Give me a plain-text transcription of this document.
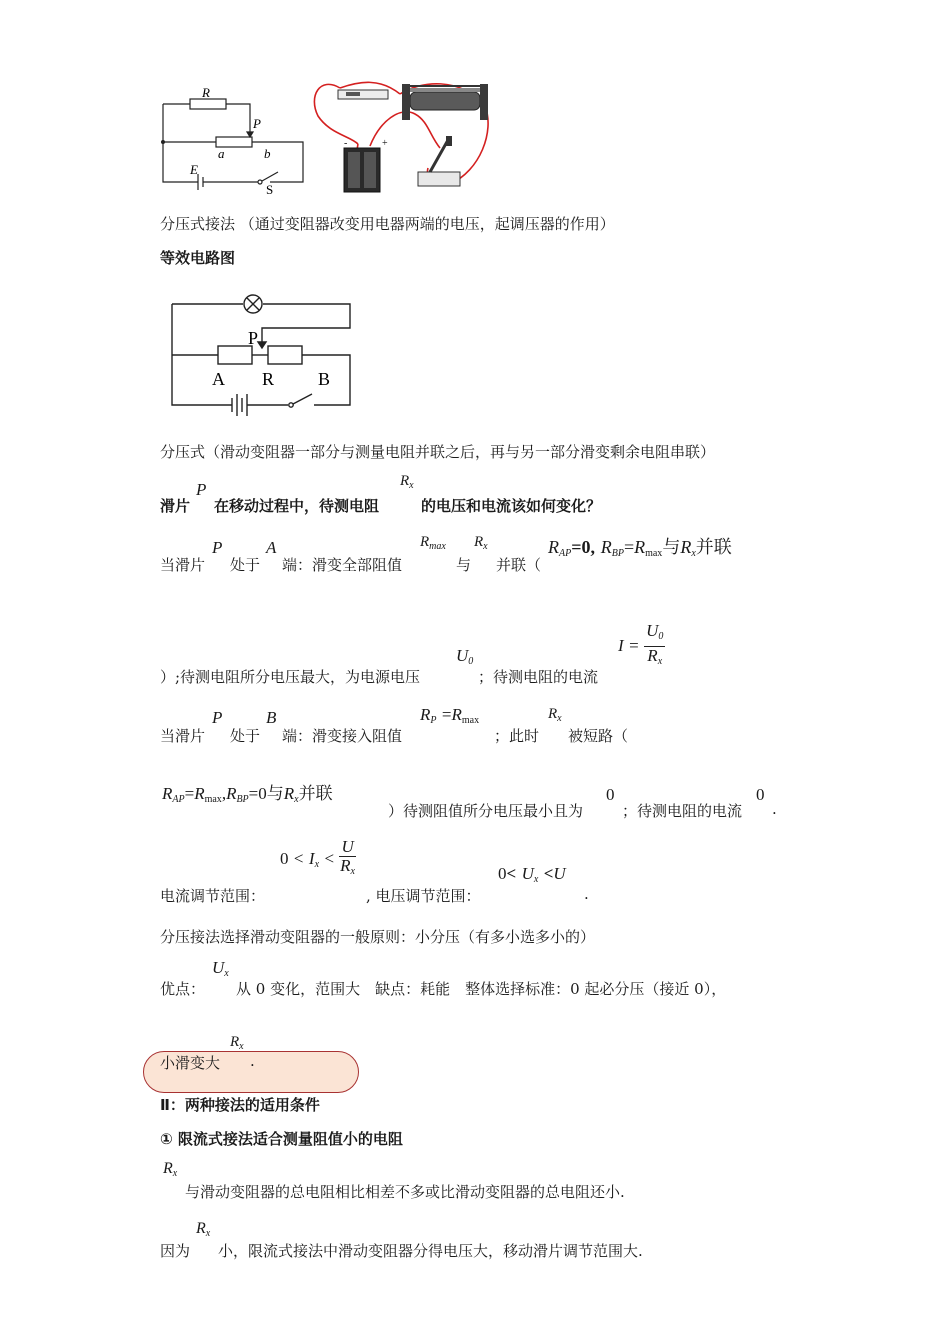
R
P
a	b
E
S
-	+
分压式接法 （通过变阻器改变用电器两端的电压，起调压器的作用）
等效电路图
P
A R B
分压式（滑动变阻器一部分与测量电阻并联之后，再与另一部分滑变剩余电阻串联）
滑片
P
在移动过程中，待测电阻
$R_x$
的电压和电流该如何变化？
当滑片
P
处于
A
端：滑变全部阻值
$R_{max}$
与
$R_x$
并联（
$R_{AP}=0$, $R_{BP}=R_{max}$与$R_x$并联
）;待测电阻所分电压最大，为电源电压
$U_0$
；待测电阻的电流
$I = \frac{U_0}{R_x}$
当滑片
P
处于
B
端：滑变接入阻值
$R_P =R_{max}$
；此时
$R_x$
被短路（
$R_{AP}=R_{max},R_{BP}=0$与$R_x$并联
）待测阻值所分电压最小且为
0
；待测电阻的电流
0
.
电流调节范围：
$0 < I_x < \frac{U}{R_x}$
, 电压调节范围：
$0< U_x <U$
.
分压接法选择滑动变阻器的一般原则：小分压（有多小选多小的）
优点：
$U_x$
从 0 变化，范围大　缺点：耗能　整体选择标准：0 起必分压（接近 0），
小滑变大
$R_x$
.
Ⅱ：两种接法的适用条件
① 限流式接法适合测量阻值小的电阻
$R_x$
与滑动变阻器的总电阻相比相差不多或比滑动变阻器的总电阻还小.
因为
$R_x$
小，限流式接法中滑动变阻器分得电压大，移动滑片调节范围大.
